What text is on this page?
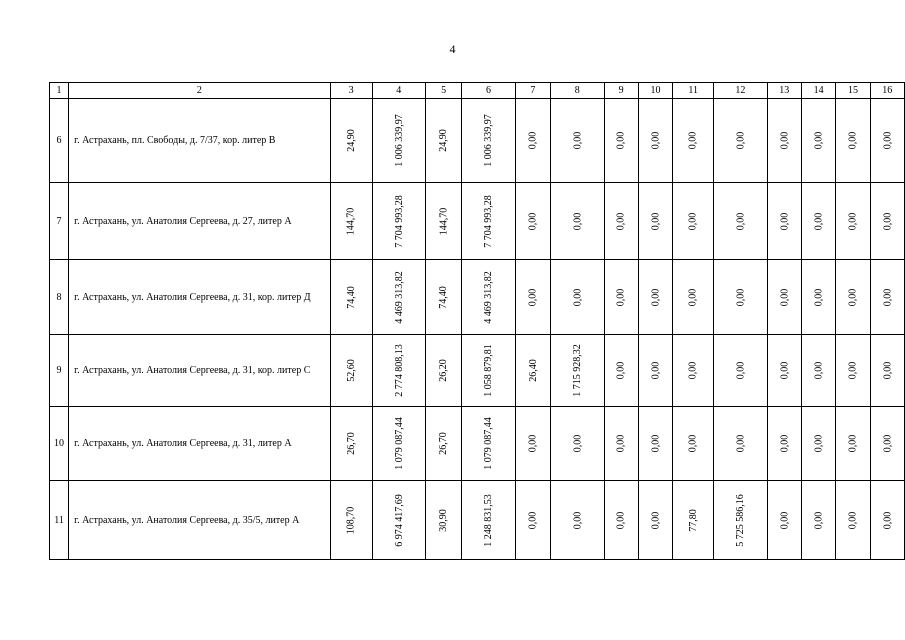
4
1	2	3	4	5	6	7	8	9	10	11	12	13	14	15	16
6	г. Астрахань, пл. Свободы, д. 7/37, кор. литер В	24,90	1 006 339,97	24,90	1 006 339,97	0,00	0,00	0,00	0,00	0,00	0,00	0,00	0,00	0,00	0,00
7	г. Астрахань, ул. Анатолия Сергеева, д. 27, литер А	144,70	7 704 993,28	144,70	7 704 993,28	0,00	0,00	0,00	0,00	0,00	0,00	0,00	0,00	0,00	0,00
8	г. Астрахань, ул. Анатолия Сергеева, д. 31, кор. литер Д	74,40	4 469 313,82	74,40	4 469 313,82	0,00	0,00	0,00	0,00	0,00	0,00	0,00	0,00	0,00	0,00
9	г. Астрахань, ул. Анатолия Сергеева, д. 31, кор. литер С	52,60	2 774 808,13	26,20	1 058 879,81	26,40	1 715 928,32	0,00	0,00	0,00	0,00	0,00	0,00	0,00	0,00
10	г. Астрахань, ул. Анатолия Сергеева, д. 31, литер А	26,70	1 079 087,44	26,70	1 079 087,44	0,00	0,00	0,00	0,00	0,00	0,00	0,00	0,00	0,00	0,00
11	г. Астрахань, ул. Анатолия Сергеева, д. 35/5, литер А	108,70	6 974 417,69	30,90	1 248 831,53	0,00	0,00	0,00	0,00	77,80	5 725 586,16	0,00	0,00	0,00	0,00
